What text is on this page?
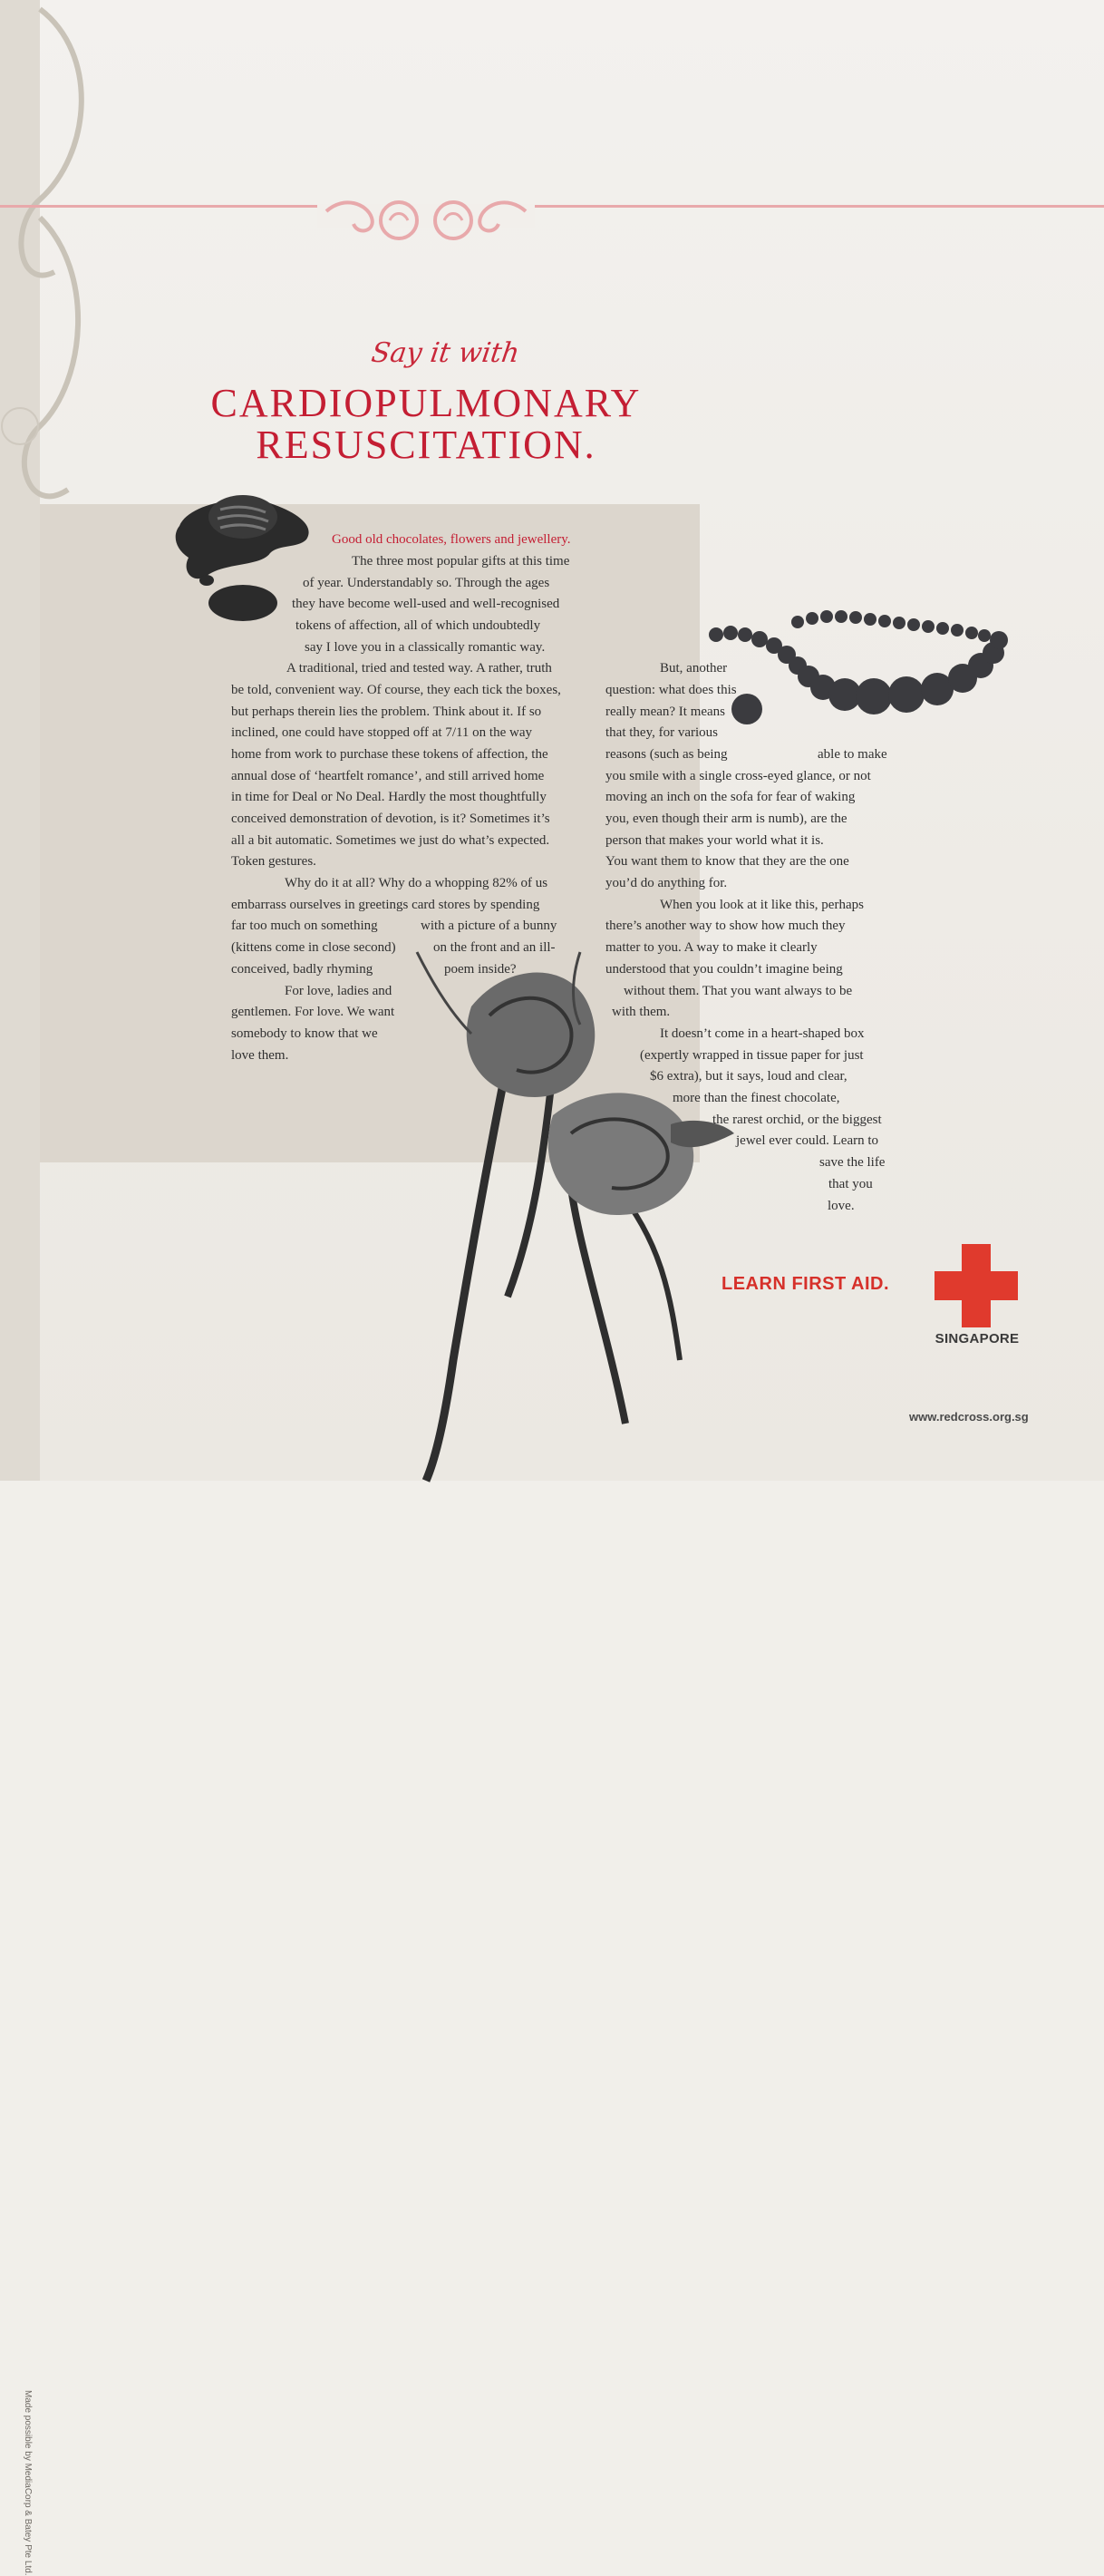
Say it with
CARDIOPULMONARY
RESUSCITATION.
Good old chocolates, flowers and jewellery.
The three most popular gifts at this time
of year. Understandably so. Through the ages
they have become well-used and well-recognised
tokens of affection, all of which undoubtedly
say I love you in a classically romantic way.
A traditional, tried and tested way. A rather, truth
be told, convenient way. Of course, they each tick the boxes,
but perhaps therein lies the problem. Think about it. If so
inclined, one could have stopped off at 7/11 on the way
home from work to purchase these tokens of affection, the
annual dose of ‘heartfelt romance’, and still arrived home
in time for Deal or No Deal. Hardly the most thoughtfully
conceived demonstration of devotion, is it? Sometimes it’s
all a bit automatic. Sometimes we just do what’s expected.
Token gestures.
Why do it at all? Why do a whopping 82% of us
embarrass ourselves in greetings card stores by spending
far too much on something	with a picture of a bunny
(kittens come in close second)	on the front and an ill-
conceived, badly rhyming	poem inside?
For love, ladies and
gentlemen. For love. We want
somebody to know that we
love them.
But, another
question: what does this
really mean? It means
that they, for various
reasons (such as being	able to make
you smile with a single cross-eyed glance, or not
moving an inch on the sofa for fear of waking
you, even though their arm is numb), are the
person that makes your world what it is.
You want them to know that they are the one
you’d do anything for.
When you look at it like this, perhaps
there’s another way to show how much they
matter to you. A way to make it clearly
understood that you couldn’t imagine being
without them. That you want always to be
with them.
It doesn’t come in a heart-shaped box
(expertly wrapped in tissue paper for just
$6 extra), but it says, loud and clear,
more than the finest chocolate,
the rarest orchid, or the biggest
jewel ever could. Learn to
save the life
that you
love.
LEARN FIRST AID.
SINGAPORE
www.redcross.org.sg
Made possible by MediaCorp & Batey Pte Ltd.
